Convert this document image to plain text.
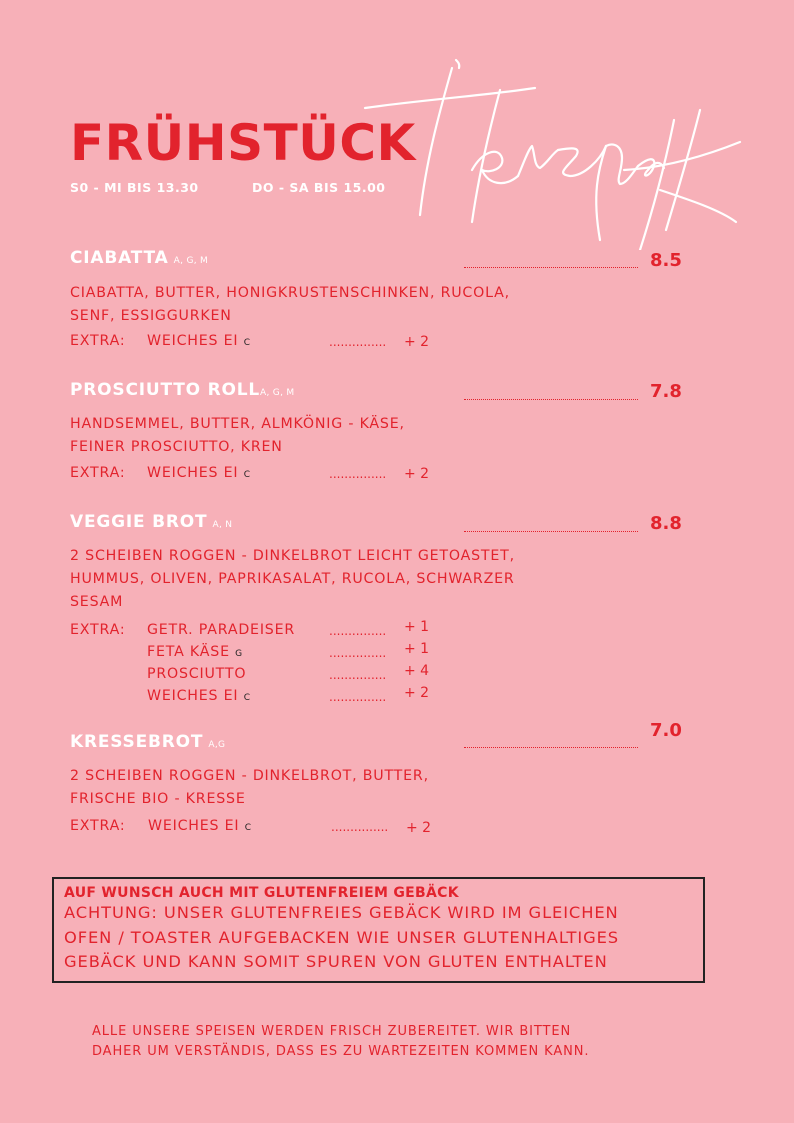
FRÜHSTÜCK
S0 - MI BIS 13.30	DO - SA BIS 15.00
CIABATTA A, G, M	8.5
CIABATTA, BUTTER, HONIGKRUSTENSCHINKEN, RUCOLA,
SENF, ESSIGGURKEN
EXTRA: WEICHES EI C	............... + 2
PROSCIUTTO ROLLA, G, M	7.8
HANDSEMMEL, BUTTER, ALMKÖNIG - KÄSE,
FEINER PROSCIUTTO, KREN
EXTRA: WEICHES EI C	............... + 2
VEGGIE BROT A, N	8.8
2 SCHEIBEN ROGGEN - DINKELBROT LEICHT GETOASTET,
HUMMUS, OLIVEN, PAPRIKASALAT, RUCOLA, SCHWARZER
SESAM
EXTRA: GETR. PARADEISER	............... + 1
FETA KÄSE G	............... + 1
PROSCIUTTO	............... + 4
WEICHES EI C	............... + 2
KRESSEBROT A,G
7.0
2 SCHEIBEN ROGGEN - DINKELBROT, BUTTER,
FRISCHE BIO - KRESSE
EXTRA: WEICHES EI C	............... + 2
AUF WUNSCH AUCH MIT GLUTENFREIEM GEBÄCK
ACHTUNG: UNSER GLUTENFREIES GEBÄCK WIRD IM GLEICHEN
OFEN / TOASTER AUFGEBACKEN WIE UNSER GLUTENHALTIGES
GEBÄCK UND KANN SOMIT SPUREN VON GLUTEN ENTHALTEN
ALLE UNSERE SPEISEN WERDEN FRISCH ZUBEREITET. WIR BITTEN
DAHER UM VERSTÄNDIS, DASS ES ZU WARTEZEITEN KOMMEN KANN.
